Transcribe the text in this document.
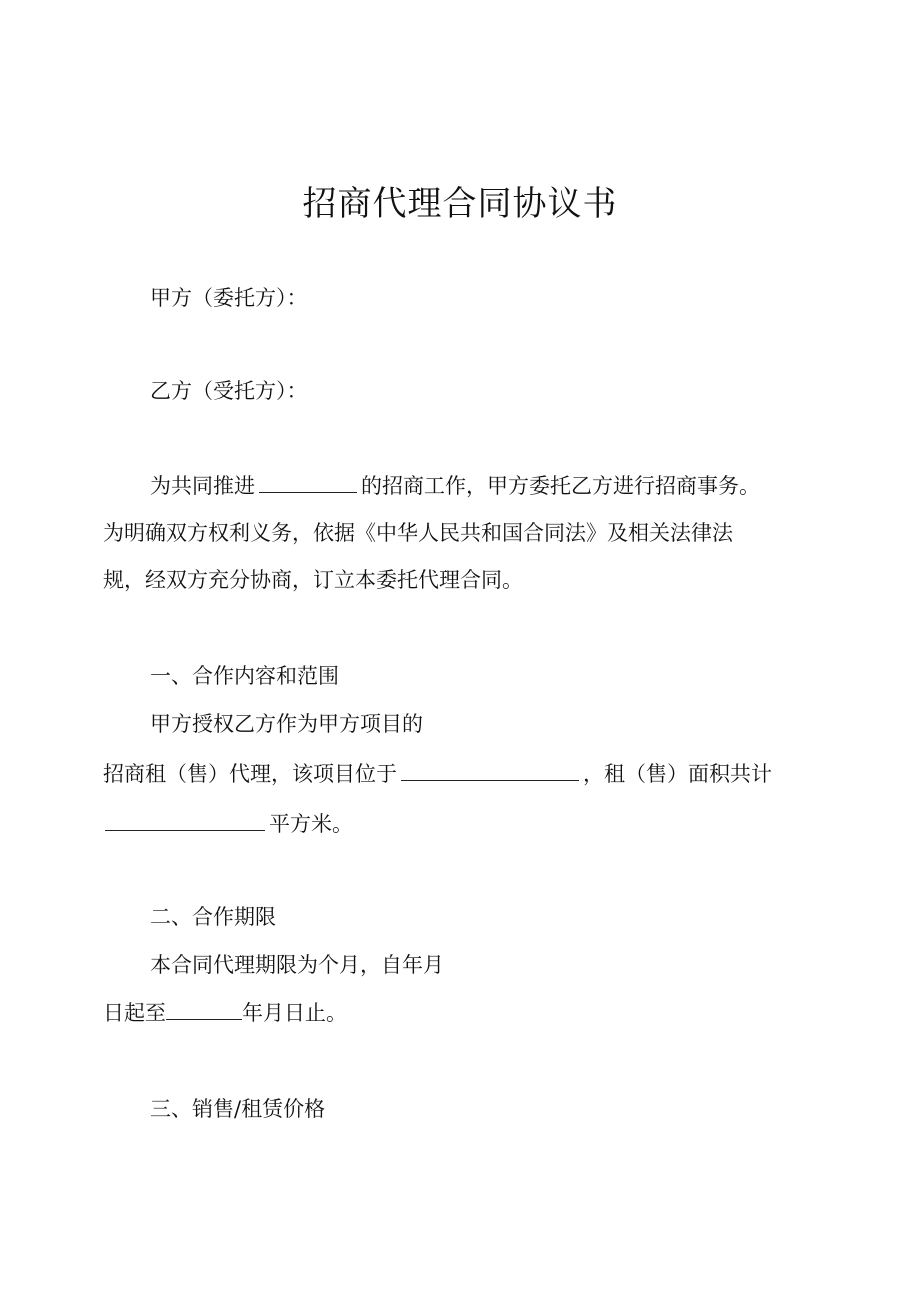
招商代理合同协议书
甲方（委托方）：
乙方（受托方）：
为共同推进	的招商工作，甲方委托乙方进行招商事务。
为明确双方权利义务，依据《中华人民共和国合同法》及相关法律法
规，经双方充分协商，订立本委托代理合同。
一、合作内容和范围
甲方授权乙方作为甲方项目的
招商租（售）代理，该项目位于	，租（售）面积共计
平方米。
二、合作期限
本合同代理期限为个月，自年月
日起至	年月日止。
三、销售/租赁价格
